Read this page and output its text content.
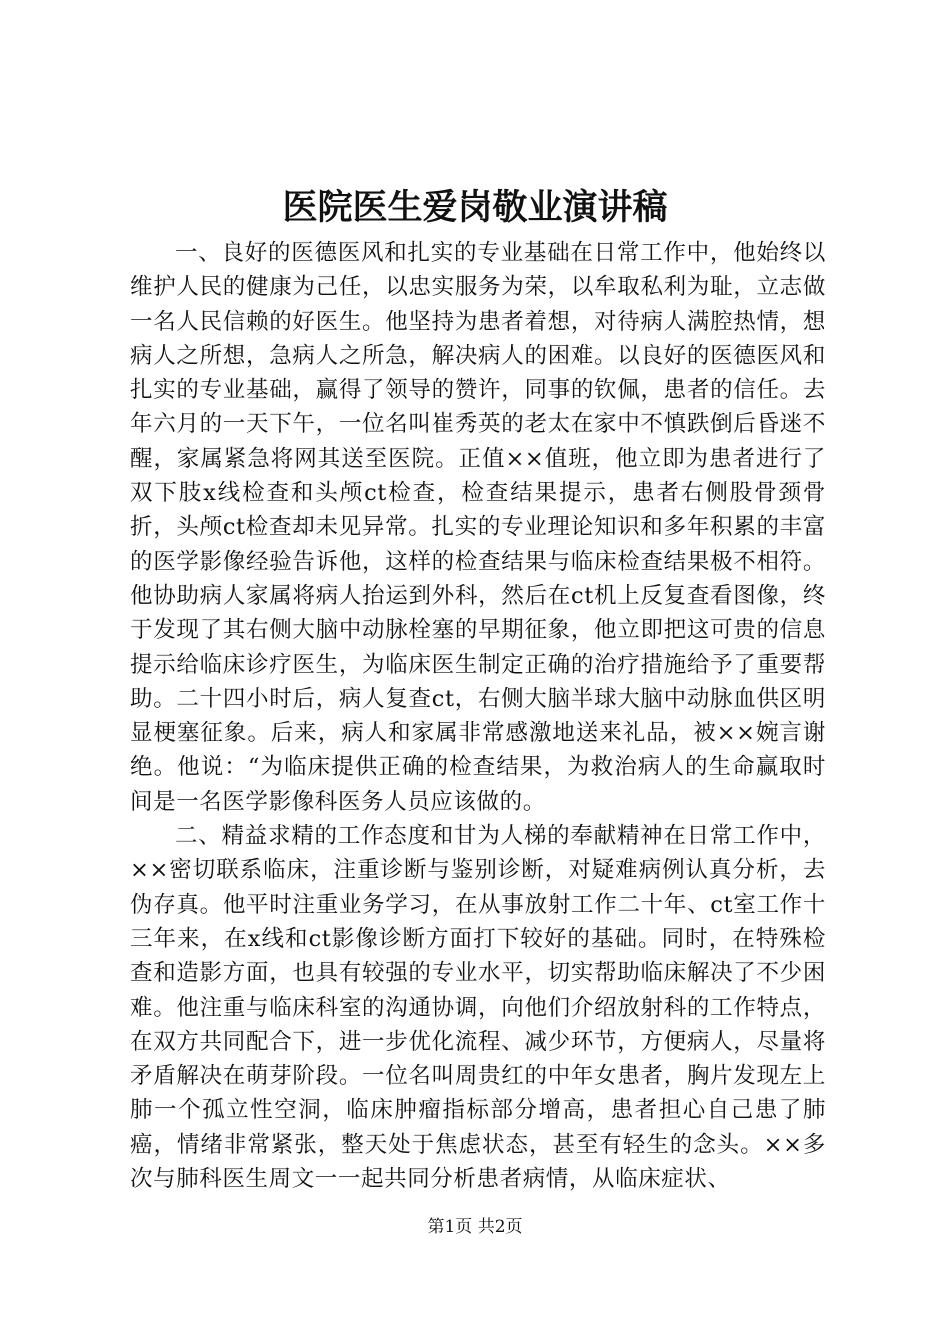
医院医生爱岗敬业演讲稿

一、良好的医德医风和扎实的专业基础在日常工作中，他始终以维护人民的健康为己任，以忠实服务为荣，以牟取私利为耻，立志做一名人民信赖的好医生。他坚持为患者着想，对待病人满腔热情，想病人之所想，急病人之所急，解决病人的困难。以良好的医德医风和扎实的专业基础，赢得了领导的赞许，同事的钦佩，患者的信任。去年六月的一天下午，一位名叫崔秀英的老太在家中不慎跌倒后昏迷不醒，家属紧急将网其送至医院。正值××值班，他立即为患者进行了双下肢x线检查和头颅ct检查，检查结果提示，患者右侧股骨颈骨折，头颅ct检查却未见异常。扎实的专业理论知识和多年积累的丰富的医学影像经验告诉他，这样的检查结果与临床检查结果极不相符。他协助病人家属将病人抬运到外科，然后在ct机上反复查看图像，终于发现了其右侧大脑中动脉栓塞的早期征象，他立即把这可贵的信息提示给临床诊疗医生，为临床医生制定正确的治疗措施给予了重要帮助。二十四小时后，病人复查ct，右侧大脑半球大脑中动脉血供区明显梗塞征象。后来，病人和家属非常感激地送来礼品，被××婉言谢绝。他说：“为临床提供正确的检查结果，为救治病人的生命赢取时间是一名医学影像科医务人员应该做的。

二、精益求精的工作态度和甘为人梯的奉献精神在日常工作中，××密切联系临床，注重诊断与鉴别诊断，对疑难病例认真分析，去伪存真。他平时注重业务学习，在从事放射工作二十年、ct室工作十三年来，在x线和ct影像诊断方面打下较好的基础。同时，在特殊检查和造影方面，也具有较强的专业水平，切实帮助临床解决了不少困难。他注重与临床科室的沟通协调，向他们介绍放射科的工作特点，在双方共同配合下，进一步优化流程、减少环节，方便病人，尽量将矛盾解决在萌芽阶段。一位名叫周贵红的中年女患者，胸片发现左上肺一个孤立性空洞，临床肿瘤指标部分增高，患者担心自己患了肺癌，情绪非常紧张，整天处于焦虑状态，甚至有轻生的念头。××多次与肺科医生周文一一起共同分析患者病情，从临床症状、

第1页 共2页
